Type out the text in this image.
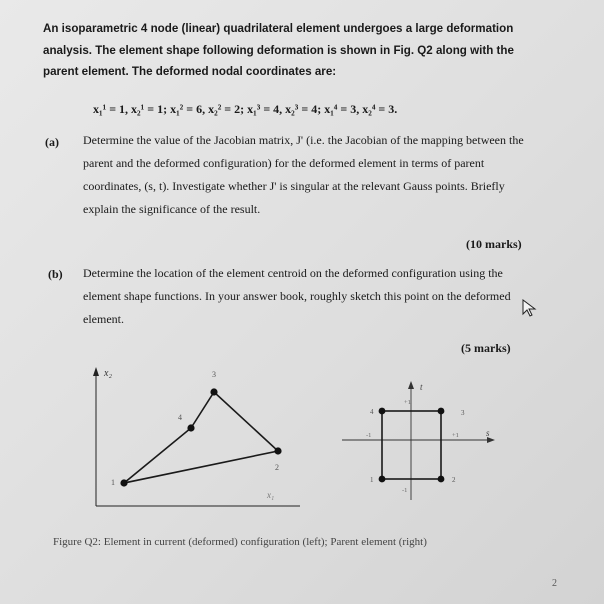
An isoparametric 4 node (linear) quadrilateral element undergoes a large deformation analysis. The element shape following deformation is shown in Fig. Q2 along with the parent element. The deformed nodal coordinates are:
x₁¹ = 1, x₂¹ = 1; x₁² = 6, x₂² = 2; x₁³ = 4, x₂³ = 4; x₁⁴ = 3, x₂⁴ = 3.
(a) Determine the value of the Jacobian matrix, J' (i.e. the Jacobian of the mapping between the parent and the deformed configuration) for the deformed element in terms of parent coordinates, (s, t). Investigate whether J' is singular at the relevant Gauss points. Briefly explain the significance of the result.
(10 marks)
(b) Determine the location of the element centroid on the deformed configuration using the element shape functions. In your answer book, roughly sketch this point on the deformed element.
(5 marks)
x₂
x₁
1
2
3
4
t
s
1	2
3
4
+1
-1
+1
-1
Figure Q2: Element in current (deformed) configuration (left); Parent element (right)
2
